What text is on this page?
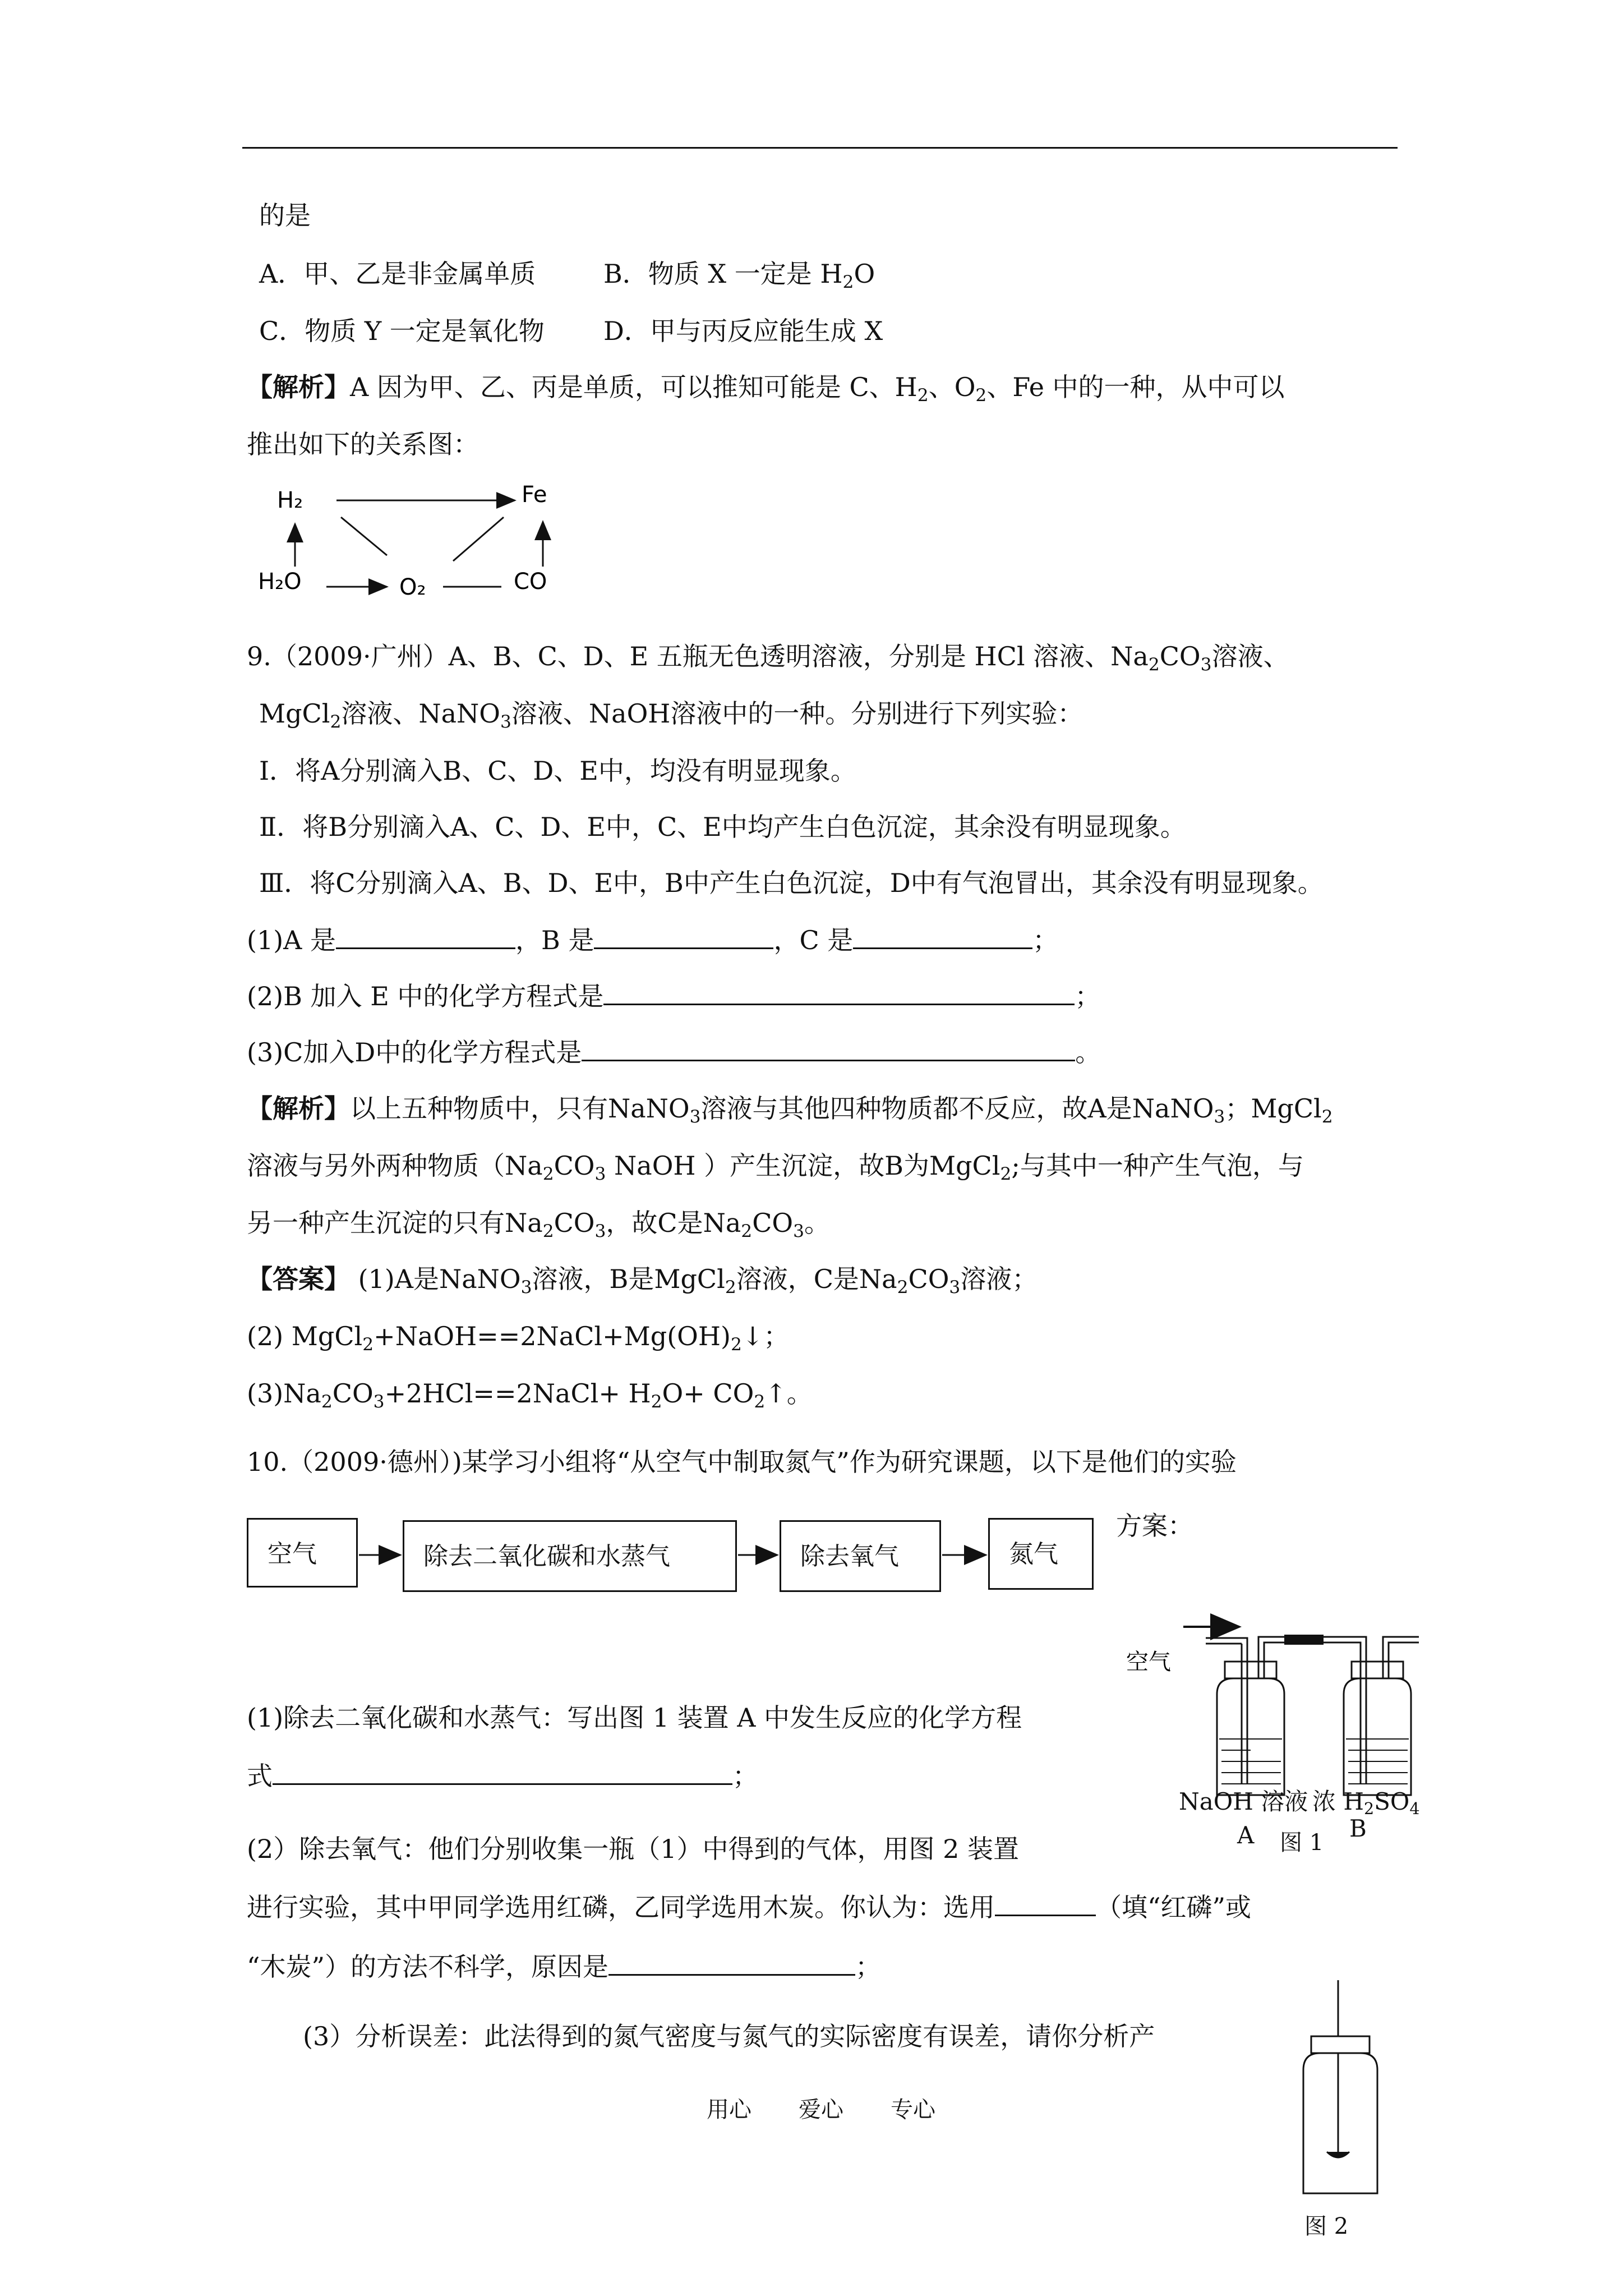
的是
A．甲、乙是非金属单质	B．物质 X 一定是 $H_2O$
C．物质 Y 一定是氧化物 D．甲与丙反应能生成 X
【解析】A 因为甲、乙、丙是单质，可以推知可能是 C、$H_2$、$O_2$、Fe 中的一种，从中可以
推出如下的关系图：
H₂	Fe
H₂O	O₂	CO
9.（2009·广州）A、B、C、D、E 五瓶无色透明溶液，分别是 HCl 溶液、$Na_2CO_3$溶液、
MgCl$_2$溶液、NaNO$_3$溶液、NaOH溶液中的一种。分别进行下列实验：
Ⅰ．将A分别滴入B、C、D、E中，均没有明显现象。
Ⅱ．将B分别滴入A、C、D、E中，C、E中均产生白色沉淀，其余没有明显现象。
Ⅲ．将C分别滴入A、B、D、E中，B中产生白色沉淀，D中有气泡冒出，其余没有明显现象。
(1)A 是	，B 是	，C 是	；
(2)B 加入 E 中的化学方程式是	；
(3)C加入D中的化学方程式是	。
【解析】以上五种物质中，只有NaNO$_3$溶液与其他四种物质都不反应，故A是NaNO$_3$；MgCl$_2$
溶液与另外两种物质（$Na_2CO_3$ NaOH ）产生沉淀，故B为MgCl$_2$;与其中一种产生气泡，与
另一种产生沉淀的只有$Na_2CO_3$，故C是$Na_2CO_3$。
【答案】 (1)A是NaNO$_3$溶液，B是MgCl$_2$溶液，C是$Na_2CO_3$溶液；
(2) $MgCl_2+NaOH==2NaCl+Mg(OH)_2↓$；
$(3)Na_2CO_3+2HCl==2NaCl+ H_2O+$ $CO_2↑$。
10.（2009·德州）)某学习小组将“从空气中制取氮气”作为研究课题，以下是他们的实验
空气	除去二氧化碳和水蒸气	除去氧气	氮气
方案：
空气
NaOH 溶液 浓 $H_2SO_4$
A 图 1
B
(1)除去二氧化碳和水蒸气：写出图 1 装置 A 中发生反应的化学方程
式	；
(2）除去氧气：他们分别收集一瓶（1）中得到的气体，用图 2 装置
进行实验，其中甲同学选用红磷，乙同学选用木炭。你认为：选用	（填“红磷”或
“木炭”）的方法不科学，原因是	；
(3）分析误差：此法得到的氮气密度与氮气的实际密度有误差，请你分析产
图 2
用心 爱心 专心
